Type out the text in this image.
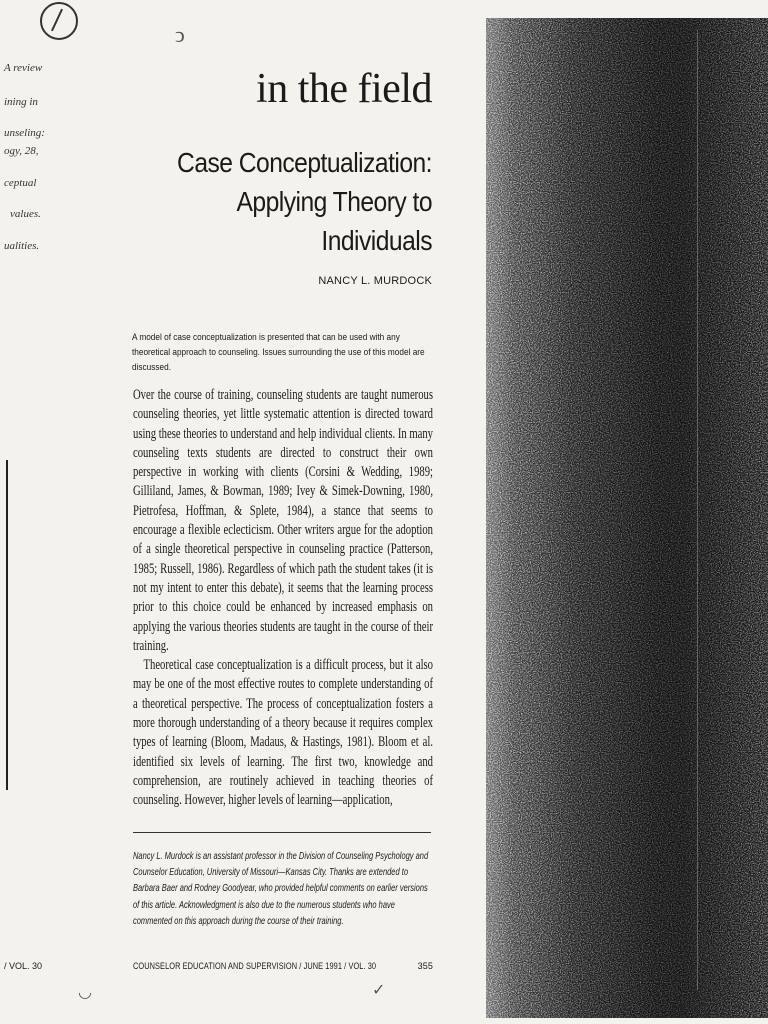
ↄ
A review
ining in
unseling:
ogy, 28,
ceptual
values.
ualities.
in the field
Case Conceptualization:
Applying Theory to Individuals
NANCY L. MURDOCK
A model of case conceptualization is presented that can be used with any theoretical approach to counseling. Issues surrounding the use of this model are discussed.

Over the course of training, counseling students are taught numerous counseling theories, yet little systematic attention is directed toward using these theories to understand and help individual clients. In many counseling texts students are directed to construct their own perspective in working with clients (Corsini & Wedding, 1989; Gilliland, James, & Bowman, 1989; Ivey & Simek-Downing, 1980, Pietrofesa, Hoffman, & Splete, 1984), a stance that seems to encourage a flexible eclecticism. Other writers argue for the adoption of a single theoretical perspective in counseling practice (Patterson, 1985; Russell, 1986). Regardless of which path the student takes (it is not my intent to enter this debate), it seems that the learning process prior to this choice could be enhanced by increased emphasis on applying the various theories students are taught in the course of their training.

Theoretical case conceptualization is a difficult process, but it also may be one of the most effective routes to complete understanding of a theoretical perspective. The process of conceptualization fosters a more thorough understanding of a theory because it requires complex types of learning (Bloom, Madaus, & Hastings, 1981). Bloom et al. identified six levels of learning. The first two, knowledge and comprehension, are routinely achieved in teaching theories of counseling. However, higher levels of learning—application,

Nancy L. Murdock is an assistant professor in the Division of Counseling Psychology and Counselor Education, University of Missouri—Kansas City. Thanks are extended to Barbara Baer and Rodney Goodyear, who provided helpful comments on earlier versions of this article. Acknowledgment is also due to the numerous students who have commented on this approach during the course of their training.
/ VOL. 30	COUNSELOR EDUCATION AND SUPERVISION / JUNE 1991 / VOL. 30	355
◡	✓
